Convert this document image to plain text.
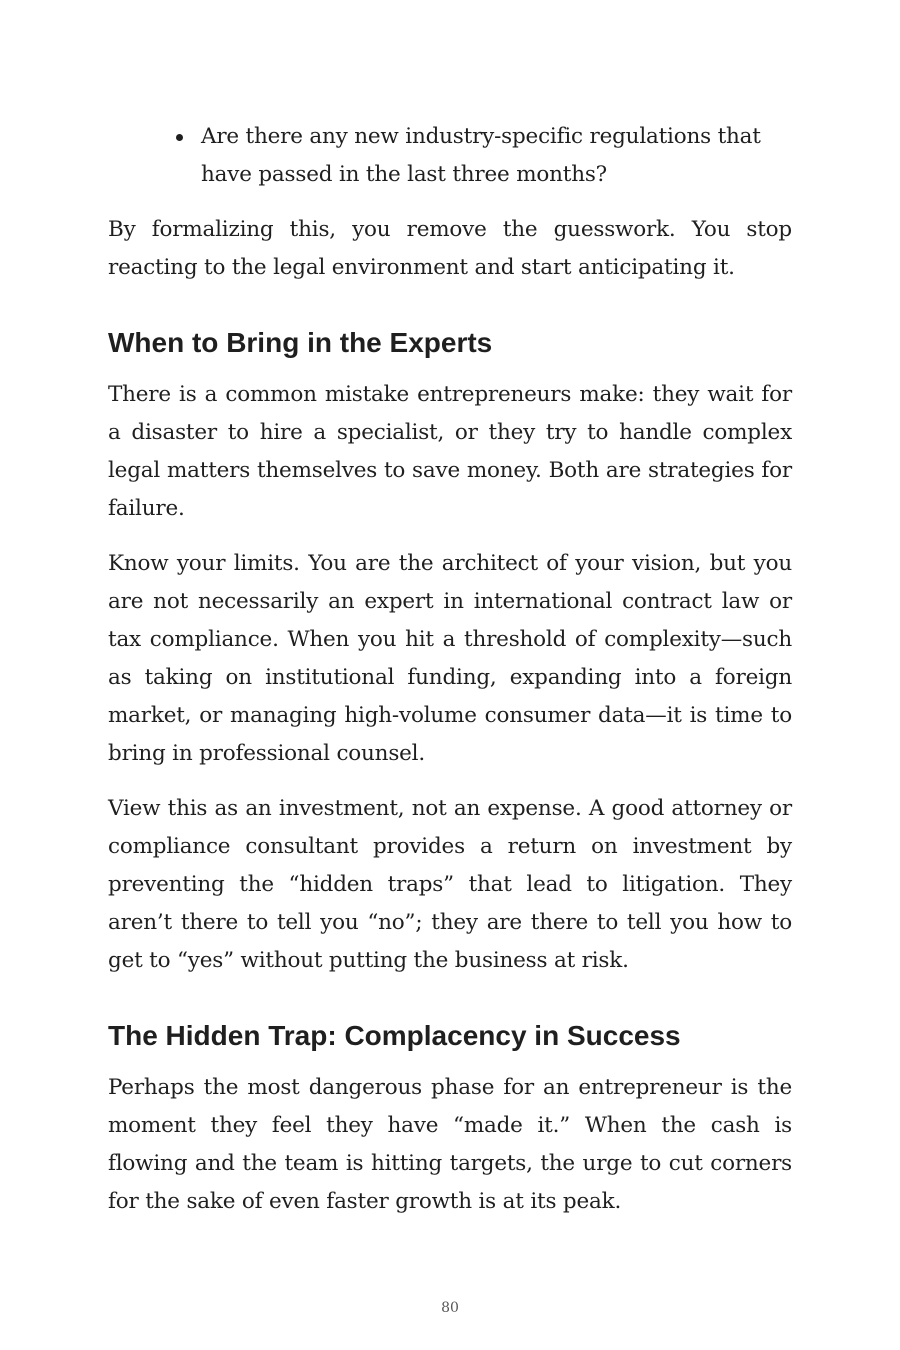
Are there any new industry-specific regulations that have passed in the last three months?

By formalizing this, you remove the guesswork. You stop reacting to the legal environment and start anticipating it.

When to Bring in the Experts

There is a common mistake entrepreneurs make: they wait for a disaster to hire a specialist, or they try to handle complex legal matters themselves to save money. Both are strategies for failure.

Know your limits. You are the architect of your vision, but you are not necessarily an expert in international contract law or tax compliance. When you hit a threshold of complexity—such as taking on institutional funding, expanding into a foreign market, or managing high-volume consumer data—it is time to bring in professional counsel.

View this as an investment, not an expense. A good attorney or compliance consultant provides a return on investment by preventing the “hidden traps” that lead to litigation. They aren’t there to tell you “no”; they are there to tell you how to get to “yes” without putting the business at risk.

The Hidden Trap: Complacency in Success

Perhaps the most dangerous phase for an entrepreneur is the moment they feel they have “made it.” When the cash is flowing and the team is hitting targets, the urge to cut corners for the sake of even faster growth is at its peak.

80
